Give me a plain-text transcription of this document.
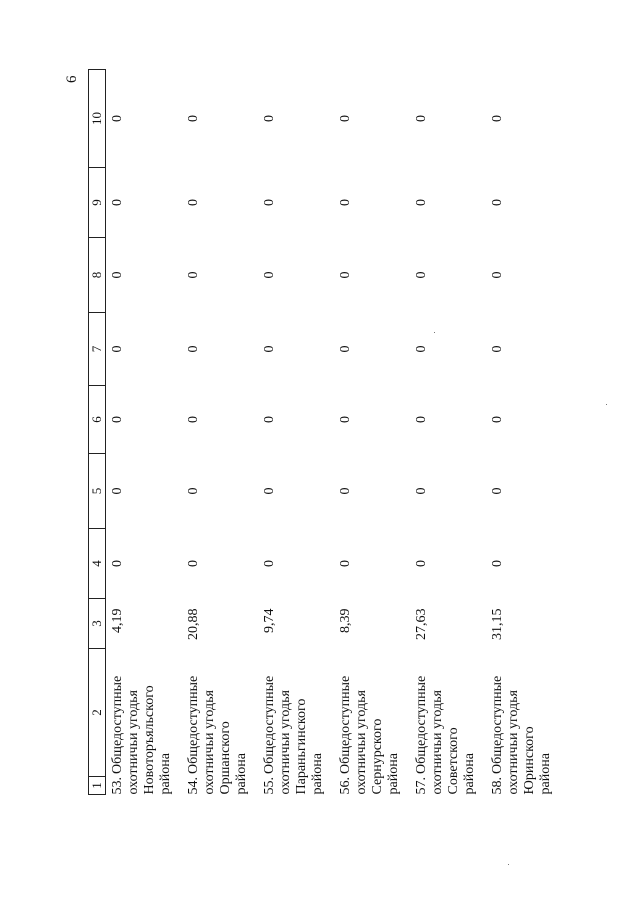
6
1	2	3	4	5	6	7	8	9	10
53.Общедоступные
охотничьи угодья
Новоторъяльского
района		4,19	0	0	0	0	0	0	0
54.Общедоступные
охотничьи угодья
Оршанского
района		20,88	0	0	0	0	0	0	0
55.Общедоступные
охотничьи угодья
Параньгинского
района		9,74	0	0	0	0	0	0	0
56.Общедоступные
охотничьи угодья
Сернурского
района		8,39	0	0	0	0	0	0	0
57.Общедоступные
охотничьи угодья
Советского
района		27,63	0	0	0	0	0	0	0
58.Общедоступные
охотничьи угодья
Юринского
района		31,15	0	0	0	0	0	0	0
